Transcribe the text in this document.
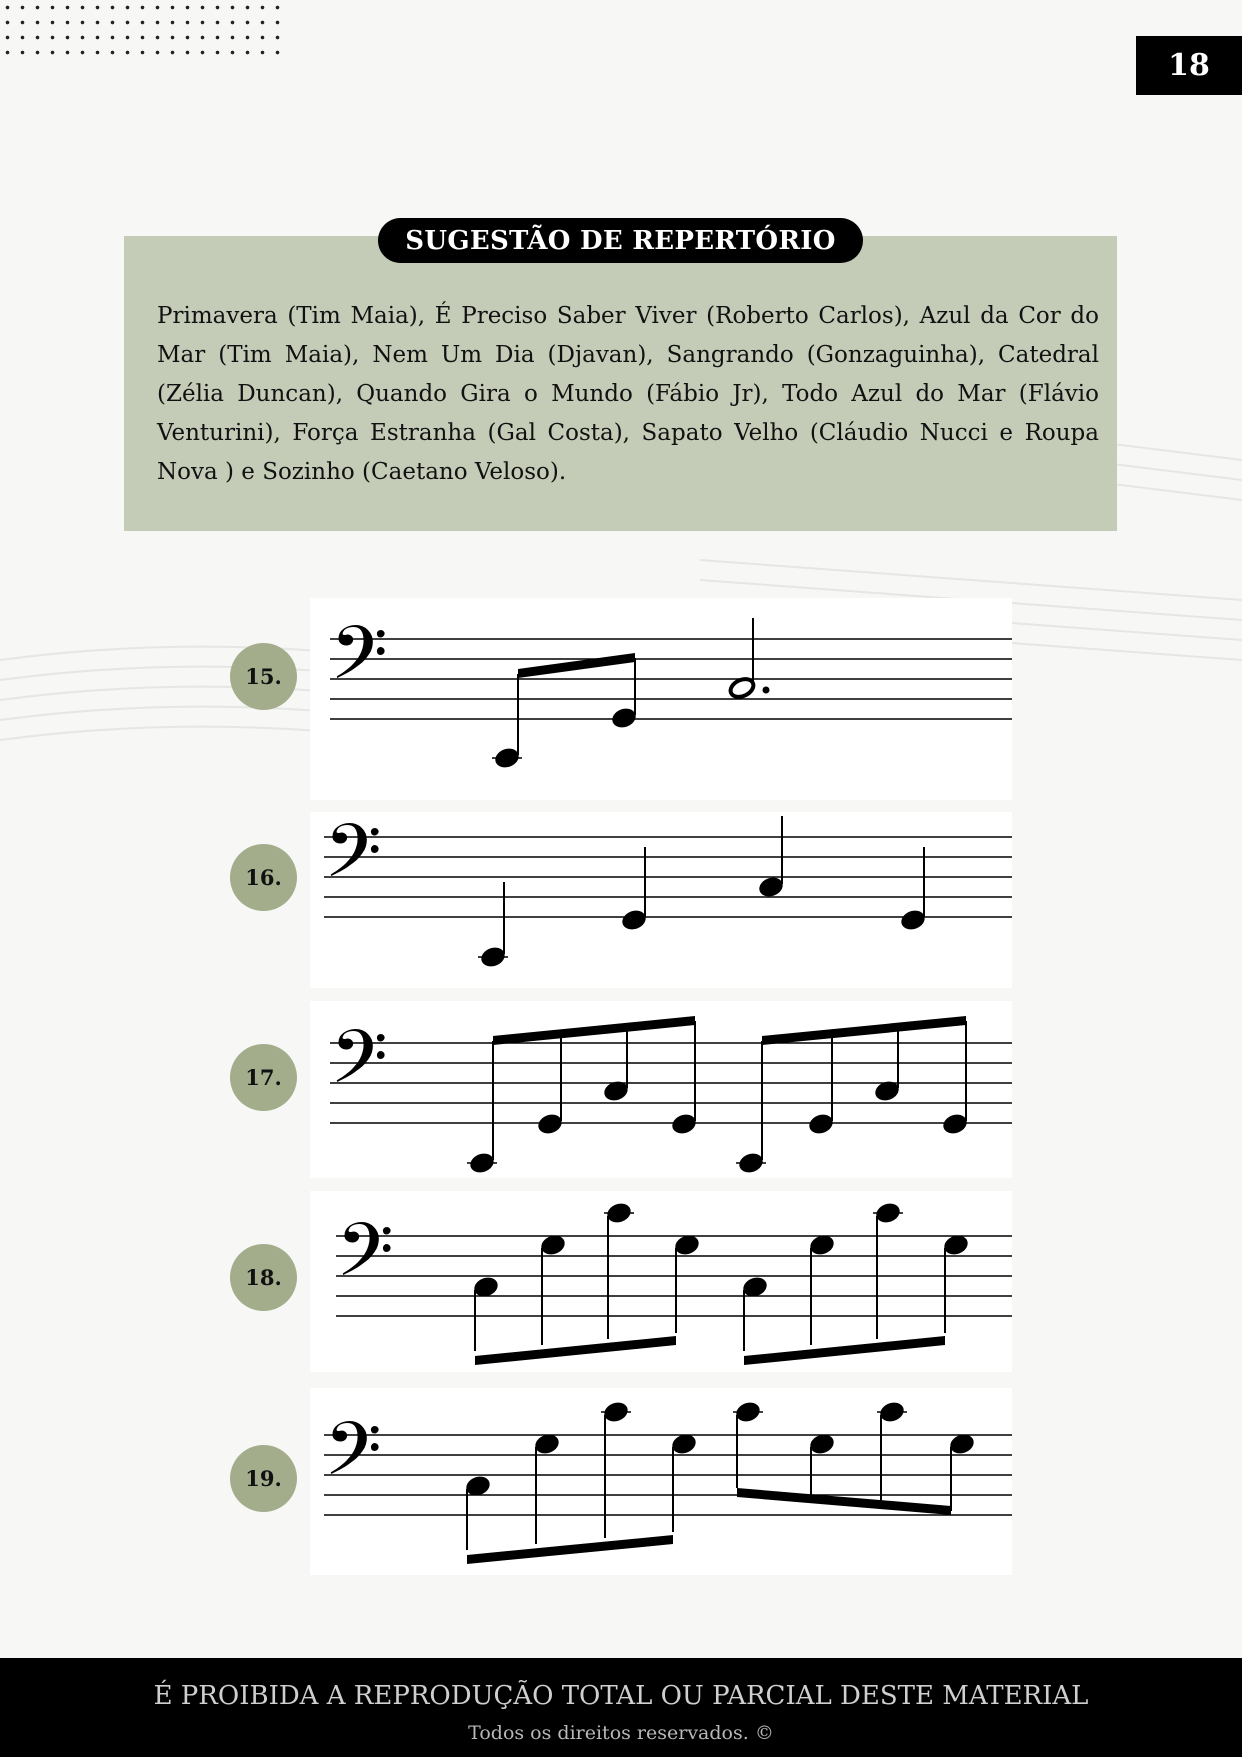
18
SUGESTÃO DE REPERTÓRIO
Primavera (Tim Maia), É Preciso Saber Viver (Roberto Carlos), Azul da Cor do Mar (Tim Maia), Nem Um Dia (Djavan), Sangrando (Gonzaguinha), Catedral (Zélia Duncan), Quando Gira o Mundo (Fábio Jr), Todo Azul do Mar (Flávio Venturini), Força Estranha (Gal Costa), Sapato Velho (Cláudio Nucci e Roupa Nova ) e Sozinho (Caetano Veloso).
15.
16.
17.
18.
19.
𝄢
𝄢
𝄢
𝄢
𝄢
É PROIBIDA A REPRODUÇÃO TOTAL OU PARCIAL DESTE MATERIAL
Todos os direitos reservados. ©
